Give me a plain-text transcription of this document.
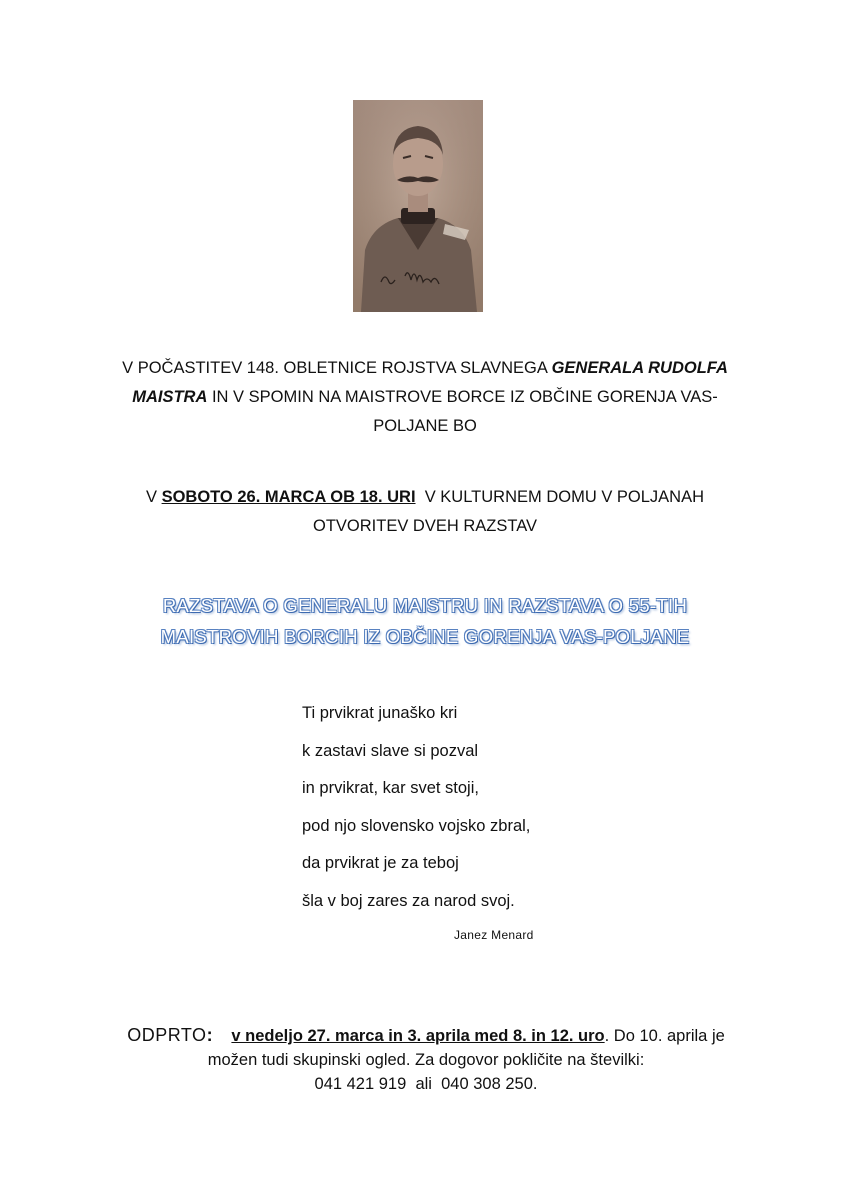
V POČASTITEV 148. OBLETNICE ROJSTVA SLAVNEGA GENERALA RUDOLFA
MAISTRA IN V SPOMIN NA MAISTROVE BORCE IZ OBČINE GORENJA VAS-
POLJANE BO
V SOBOTO 26. MARCA OB 18. URI  V KULTURNEM DOMU V POLJANAH
OTVORITEV DVEH RAZSTAV
RAZSTAVA O GENERALU MAISTRU IN RAZSTAVA O 55-TIH
MAISTROVIH BORCIH IZ OBČINE GORENJA VAS-POLJANE
Ti prvikrat junaško kri
k zastavi slave si pozval
in prvikrat, kar svet stoji,
pod njo slovensko vojsko zbral,
da prvikrat je za teboj
šla v boj zares za narod svoj.
Janez Menard
ODPRTO: v nedeljo 27. marca in 3. aprila med 8. in 12. uro. Do 10. aprila je
možen tudi skupinski ogled. Za dogovor pokličite na številki:
041 421 919  ali  040 308 250.
